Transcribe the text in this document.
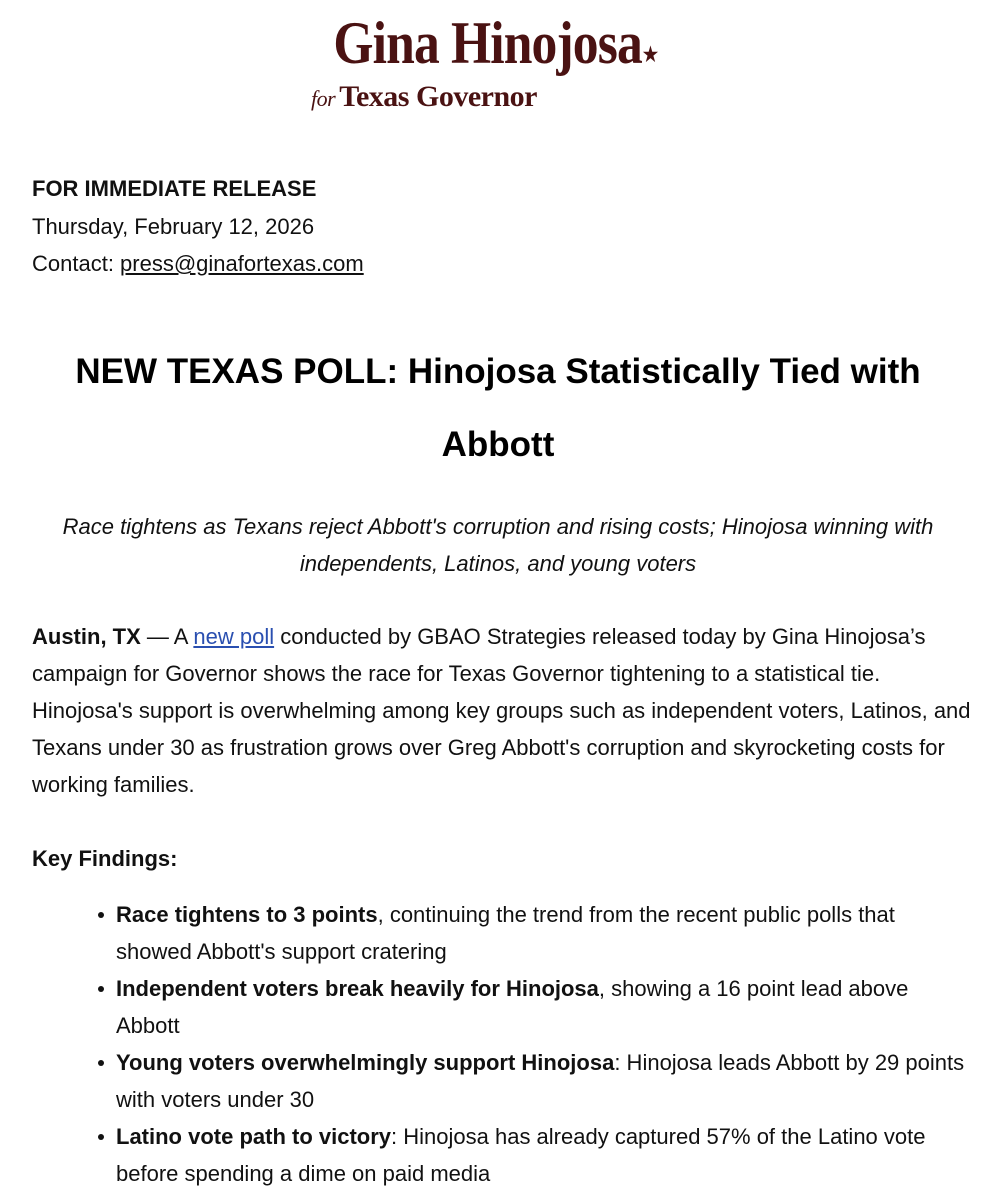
Gina Hinojosa★
for Texas Governor
FOR IMMEDIATE RELEASE
Thursday, February 12, 2026
Contact: press@ginafortexas.com
NEW TEXAS POLL: Hinojosa Statistically Tied with Abbott

Race tightens as Texans reject Abbott's corruption and rising costs; Hinojosa winning with independents, Latinos, and young voters

Austin, TX — A new poll conducted by GBAO Strategies released today by Gina Hinojosa’s campaign for Governor shows the race for Texas Governor tightening to a statistical tie. Hinojosa's support is overwhelming among key groups such as independent voters, Latinos, and Texans under 30 as frustration grows over Greg Abbott's corruption and skyrocketing costs for working families.

Key Findings:
Race tightens to 3 points, continuing the trend from the recent public polls that showed Abbott's support cratering
Independent voters break heavily for Hinojosa, showing a 16 point lead above Abbott
Young voters overwhelmingly support Hinojosa: Hinojosa leads Abbott by 29 points with voters under 30
Latino vote path to victory: Hinojosa has already captured 57% of the Latino vote before spending a dime on paid media
